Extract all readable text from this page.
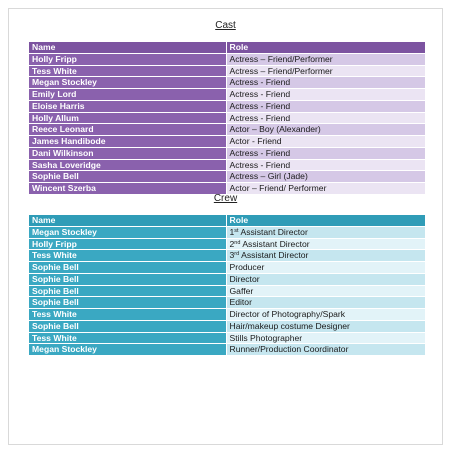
Cast
Name	Role
Holly Fripp	Actress – Friend/Performer
Tess White	Actress – Friend/Performer
Megan Stockley	Actress - Friend
Emily Lord	Actress - Friend
Eloise Harris	Actress - Friend
Holly Allum	Actress - Friend
Reece Leonard	Actor – Boy (Alexander)
James Handibode	Actor - Friend
Dani Wilkinson	Actress - Friend
Sasha Loveridge	Actress - Friend
Sophie Bell	Actress – Girl (Jade)
Wincent Szerba	Actor – Friend/ Performer
Crew
Name	Role
Megan Stockley	1st Assistant Director
Holly Fripp	2nd Assistant Director
Tess White	3rd Assistant Director
Sophie Bell	Producer
Sophie Bell	Director
Sophie Bell	Gaffer
Sophie Bell	Editor
Tess White	Director of Photography/Spark
Sophie Bell	Hair/makeup costume Designer
Tess White	Stills Photographer
Megan Stockley	Runner/Production Coordinator
